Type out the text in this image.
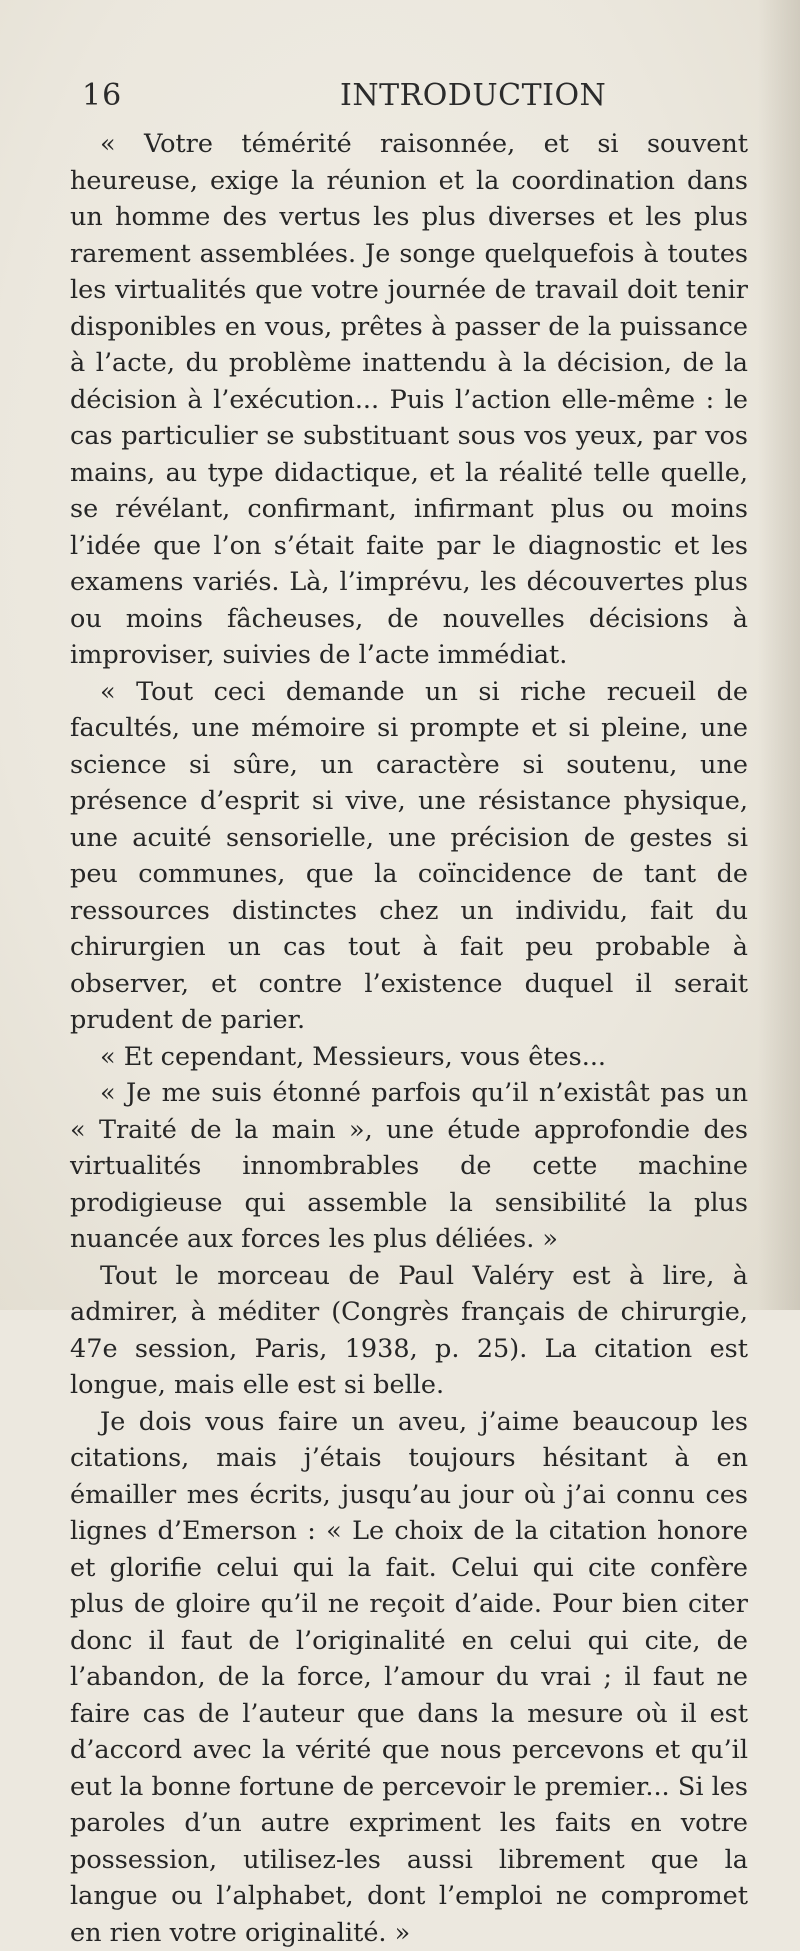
16	INTRODUCTION

« Votre témérité raisonnée, et si souvent heureuse, exige la réunion et la coordination dans un homme des vertus les plus diverses et les plus rarement assemblées. Je songe quelquefois à toutes les virtualités que votre journée de travail doit tenir disponibles en vous, prêtes à passer de la puissance à l’acte, du problème inattendu à la décision, de la décision à l’exécution... Puis l’action elle-même : le cas particulier se substituant sous vos yeux, par vos mains, au type didactique, et la réalité telle quelle, se révélant, confirmant, infirmant plus ou moins l’idée que l’on s’était faite par le diagnostic et les examens variés. Là, l’imprévu, les découvertes plus ou moins fâcheuses, de nouvelles décisions à improviser, suivies de l’acte immédiat.

« Tout ceci demande un si riche recueil de facultés, une mémoire si prompte et si pleine, une science si sûre, un caractère si soutenu, une présence d’esprit si vive, une résistance physique, une acuité sensorielle, une précision de gestes si peu communes, que la coïncidence de tant de ressources distinctes chez un individu, fait du chirurgien un cas tout à fait peu probable à observer, et contre l’existence duquel il serait prudent de parier.

« Et cependant, Messieurs, vous êtes...

« Je me suis étonné parfois qu’il n’existât pas un « Traité de la main », une étude approfondie des virtualités innombrables de cette machine prodigieuse qui assemble la sensibilité la plus nuancée aux forces les plus déliées. »

Tout le morceau de Paul Valéry est à lire, à admirer, à méditer (Congrès français de chirurgie, 47e session, Paris, 1938, p. 25). La citation est longue, mais elle est si belle.

Je dois vous faire un aveu, j’aime beaucoup les citations, mais j’étais toujours hésitant à en émailler mes écrits, jusqu’au jour où j’ai connu ces lignes d’Emerson : « Le choix de la citation honore et glorifie celui qui la fait. Celui qui cite confère plus de gloire qu’il ne reçoit d’aide. Pour bien citer donc il faut de l’originalité en celui qui cite, de l’abandon, de la force, l’amour du vrai ; il faut ne faire cas de l’auteur que dans la mesure où il est d’accord avec la vérité que nous percevons et qu’il eut la bonne fortune de percevoir le premier... Si les paroles d’un autre expriment les faits en votre possession, utilisez-les aussi librement que la langue ou l’alphabet, dont l’emploi ne compromet en rien votre originalité. »
